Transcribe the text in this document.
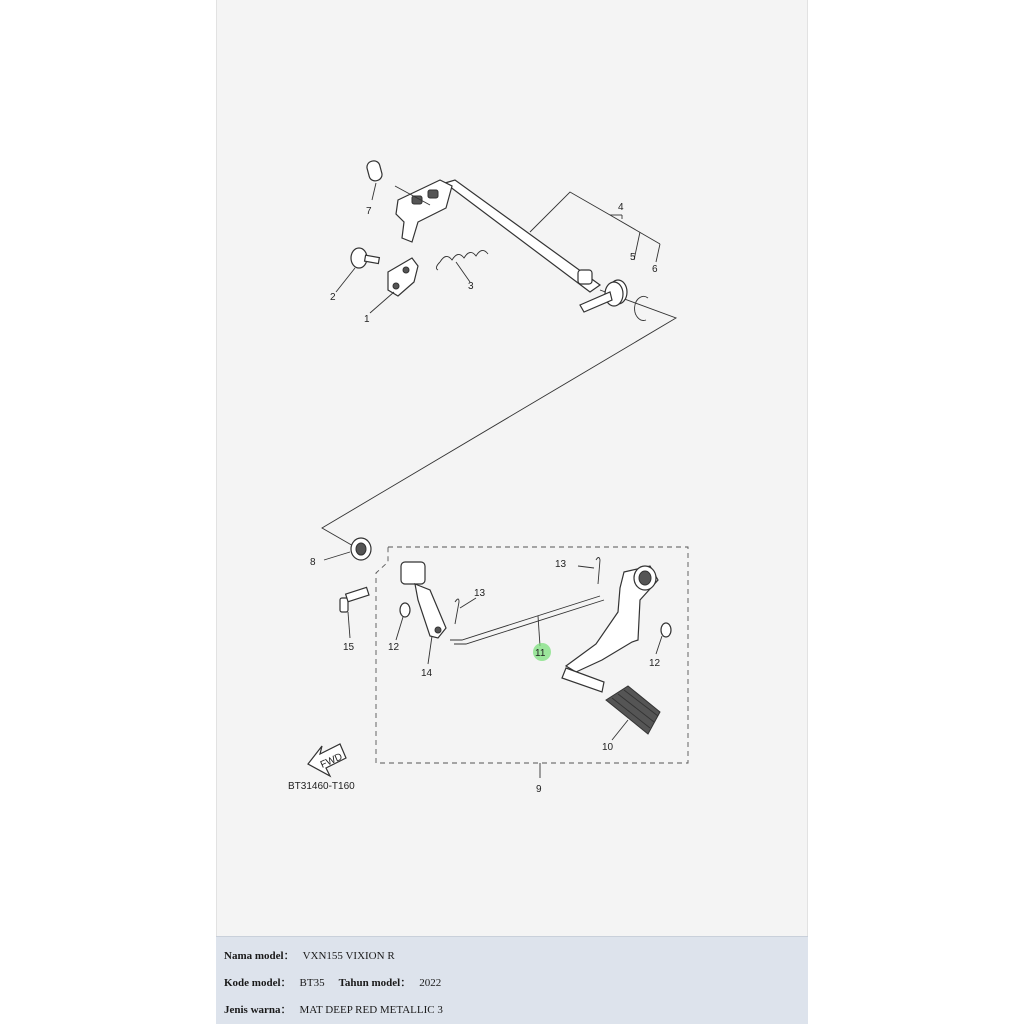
FWD
7
2
1
3
4
5
6
8	13
13
15	12
14
11
12
10
9
BT31460-T160
Nama model： VXN155 VIXION R
Kode model： BT35 Tahun model： 2022
Jenis warna： MAT DEEP RED METALLIC 3
